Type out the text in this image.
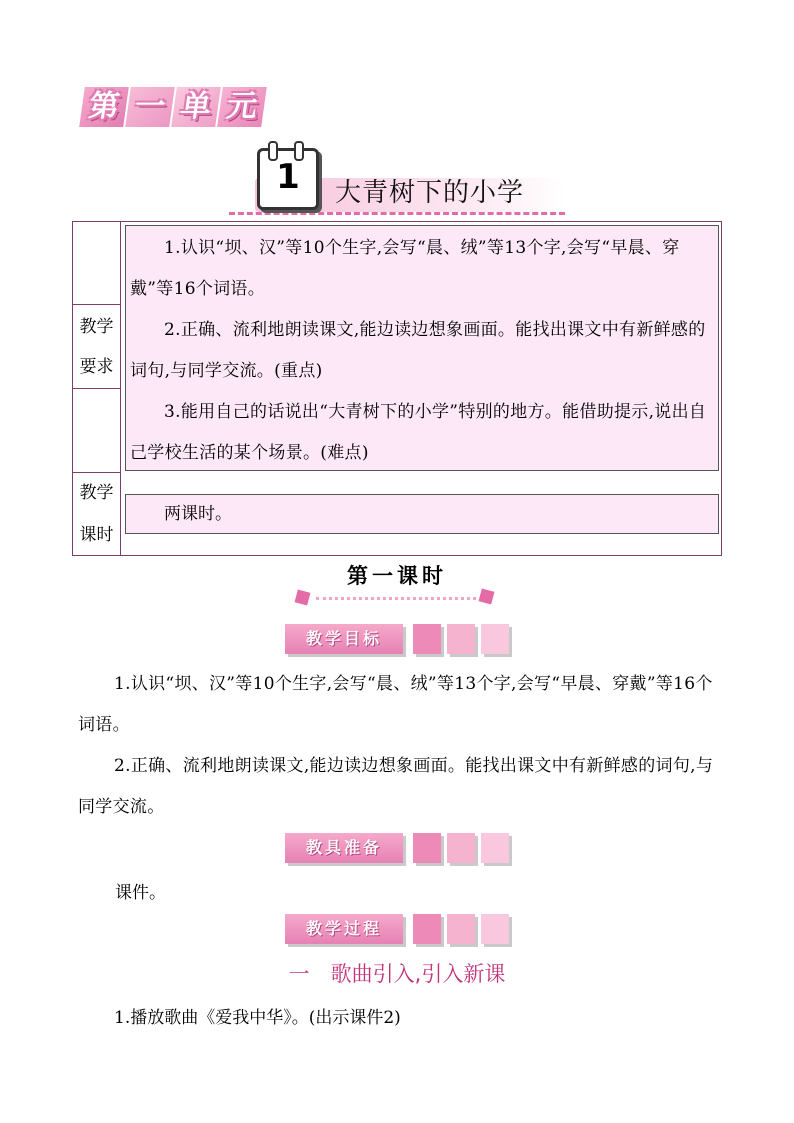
第 一 单 元
1	大青树下的小学
教学
要求
教学
课时
1.认识“坝、汉”等10个生字,会写“晨、绒”等13个字,会写“早晨、穿戴”等16个词语。
2.正确、流利地朗读课文,能边读边想象画面。能找出课文中有新鲜感的词句,与同学交流。(重点)
3.能用自己的话说出“大青树下的小学”特别的地方。能借助提示,说出自己学校生活的某个场景。(难点)
两课时。
第一课时
教学目标
1.认识“坝、汉”等10个生字,会写“晨、绒”等13个字,会写“早晨、穿戴”等16个词语。
2.正确、流利地朗读课文,能边读边想象画面。能找出课文中有新鲜感的词句,与同学交流。
教具准备
课件。
教学过程
一　歌曲引入,引入新课
1.播放歌曲《爱我中华》。(出示课件2)
